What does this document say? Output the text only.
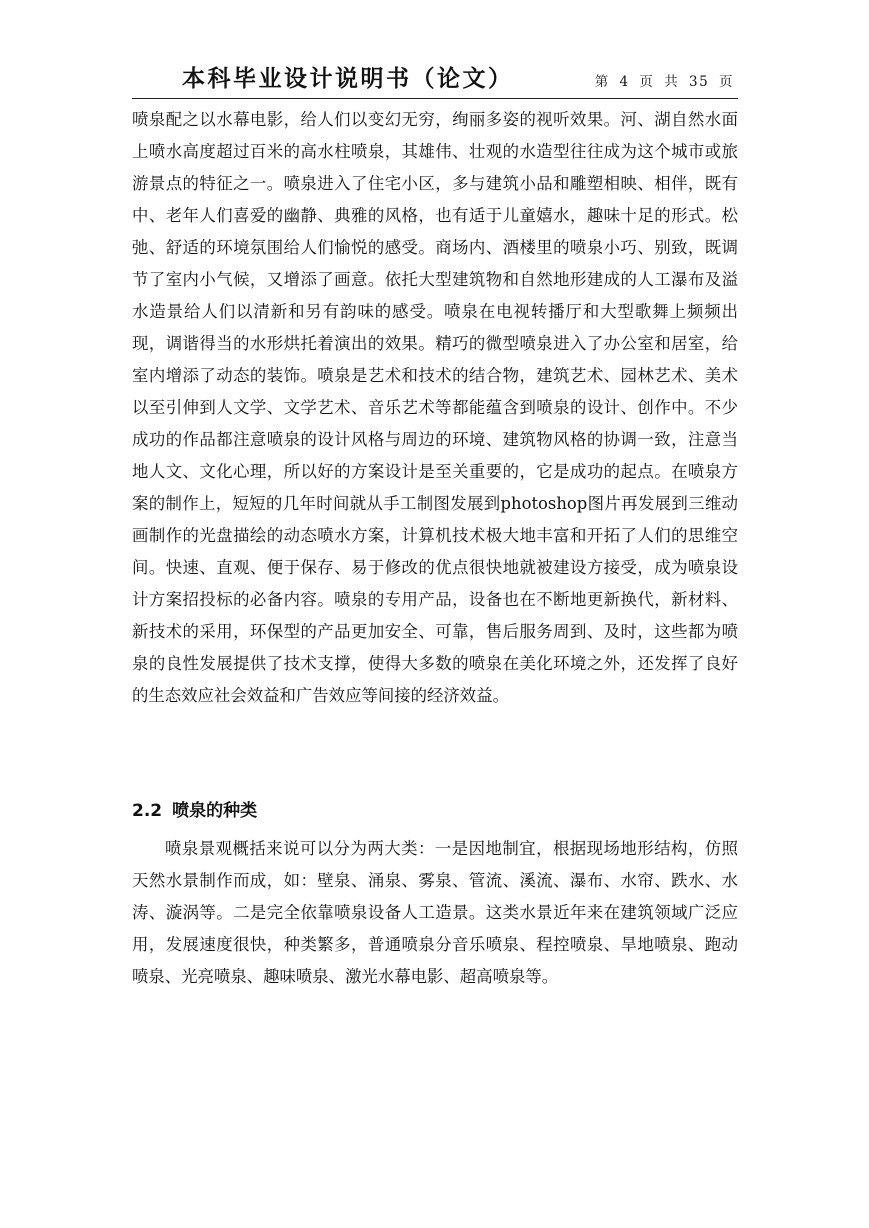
本科毕业设计说明书（论文）	第 4 页 共 35 页

喷泉配之以水幕电影，给人们以变幻无穷，绚丽多姿的视听效果。河、湖自然水面上喷水高度超过百米的高水柱喷泉，其雄伟、壮观的水造型往往成为这个城市或旅游景点的特征之一。喷泉进入了住宅小区，多与建筑小品和雕塑相映、相伴，既有中、老年人们喜爱的幽静、典雅的风格，也有适于儿童嬉水，趣味十足的形式。松弛、舒适的环境氛围给人们愉悦的感受。商场内、酒楼里的喷泉小巧、别致，既调节了室内小气候，又增添了画意。依托大型建筑物和自然地形建成的人工瀑布及溢水造景给人们以清新和另有韵味的感受。喷泉在电视转播厅和大型歌舞上频频出现，调谐得当的水形烘托着演出的效果。精巧的微型喷泉进入了办公室和居室，给室内增添了动态的装饰。喷泉是艺术和技术的结合物，建筑艺术、园林艺术、美术以至引伸到人文学、文学艺术、音乐艺术等都能蕴含到喷泉的设计、创作中。不少成功的作品都注意喷泉的设计风格与周边的环境、建筑物风格的协调一致，注意当地人文、文化心理，所以好的方案设计是至关重要的，它是成功的起点。在喷泉方案的制作上，短短的几年时间就从手工制图发展到photoshop图片再发展到三维动画制作的光盘描绘的动态喷水方案，计算机技术极大地丰富和开拓了人们的思维空间。快速、直观、便于保存、易于修改的优点很快地就被建设方接受，成为喷泉设计方案招投标的必备内容。喷泉的专用产品，设备也在不断地更新换代，新材料、新技术的采用，环保型的产品更加安全、可靠，售后服务周到、及时，这些都为喷泉的良性发展提供了技术支撑，使得大多数的喷泉在美化环境之外，还发挥了良好的生态效应社会效益和广告效应等间接的经济效益。

2.2 喷泉的种类

喷泉景观概括来说可以分为两大类：一是因地制宜，根据现场地形结构，仿照天然水景制作而成，如：壁泉、涌泉、雾泉、管流、溪流、瀑布、水帘、跌水、水涛、漩涡等。二是完全依靠喷泉设备人工造景。这类水景近年来在建筑领域广泛应用，发展速度很快，种类繁多，普通喷泉分音乐喷泉、程控喷泉、旱地喷泉、跑动喷泉、光亮喷泉、趣味喷泉、激光水幕电影、超高喷泉等。
